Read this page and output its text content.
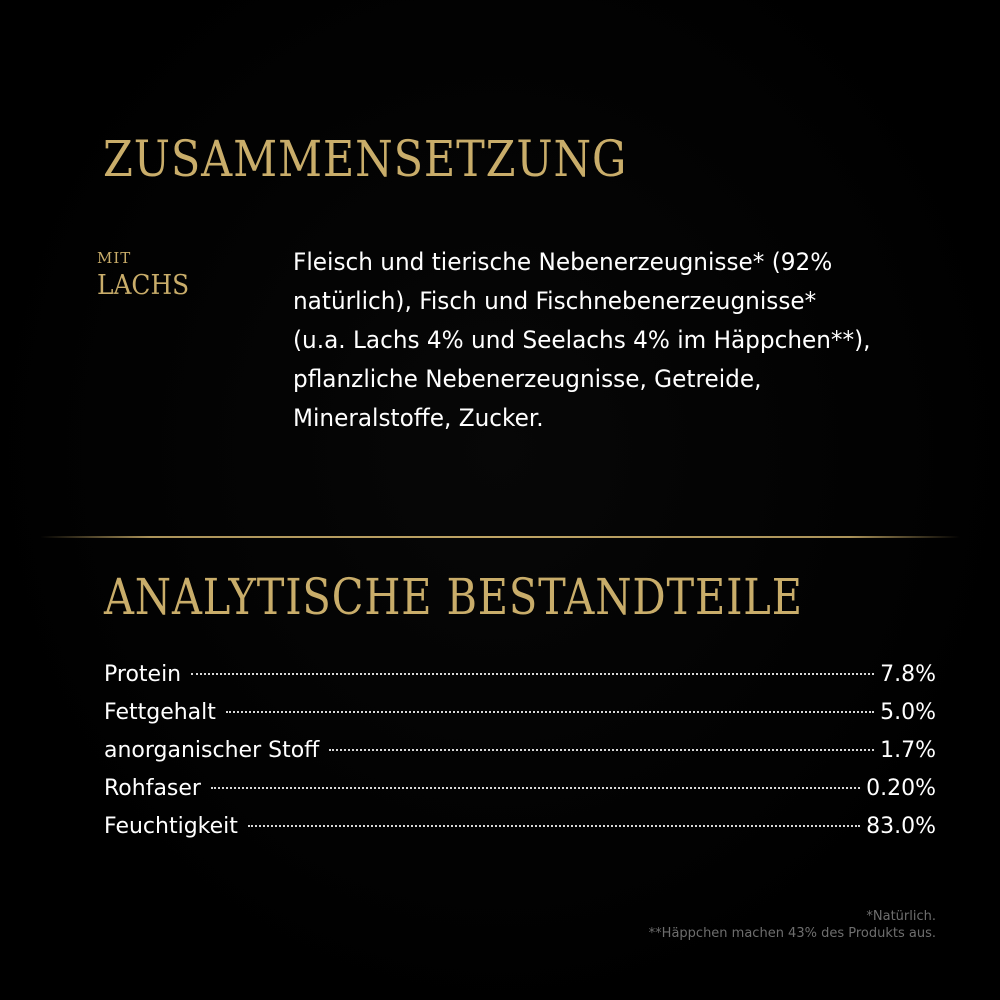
ZUSAMMENSETZUNG
MIT
LACHS

Fleisch und tierische Nebenerzeugnisse* (92%
natürlich), Fisch und Fischnebenerzeugnisse*
(u.a. Lachs 4% und Seelachs 4% im Häppchen**),
pflanzliche Nebenerzeugnisse, Getreide,
Mineralstoffe, Zucker.

ANALYTISCHE BESTANDTEILE
Protein	7.8%
Fettgehalt	5.0%
anorganischer Stoff	1.7%
Rohfaser	0.20%
Feuchtigkeit	83.0%
*Natürlich.
**Häppchen machen 43% des Produkts aus.
